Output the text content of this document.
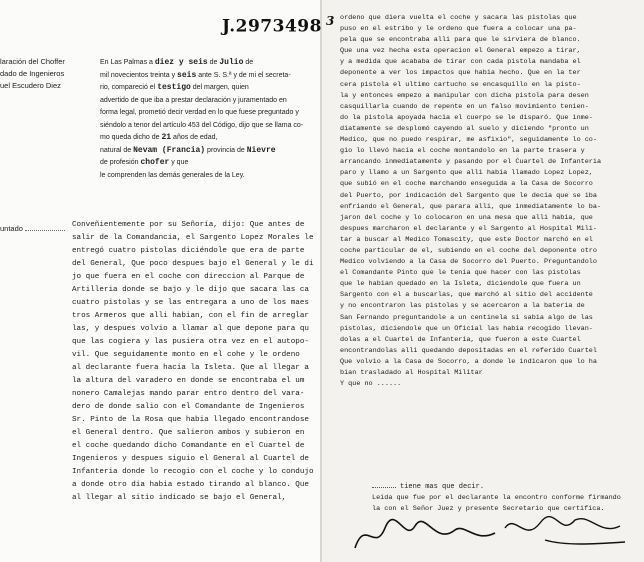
laración del Choffer
dado de Ingenieros
uel Escudero Diez
En Las Palmas a diez y seis de Julio de
mil novecientos treinta y seis ante S. S.ª y de mi el secreta-
rio, compareció el testigo del margen, quien
advertido de que iba a prestar declaración y juramentado en
forma legal, prometió decir verdad en lo que fuese preguntado y
siéndolo a tenor del artículo 453 del Código, dijo que se llama co-
mo queda dicho de 21 años de edad,
natural de Nevam (Francia) provincia de Nievre
de profesión chofer y que
le comprenden las demás generales de la Ley.
untado	Conveñientemente por su Señoría, dijo: Que antes de
salir de la Comandancia, el Sargento Lopez Morales le
entregó cuatro pistolas diciéndole que era de parte
del General, Que poco despues bajo el General y le di
jo que fuera en el coche con direccion al Parque de
Artilleria donde se bajo y le dijo que sacara las ca
cuatro pistolas y se las entregara a uno de los maes
tros Armeros que alli habian, con el fin de arreglar
las, y despues volvio a llamar al que depone para qu
que las cogiera y las pusiera otra vez en el autopo-
vil. Que seguidamente monto en el cohe y le ordeno
al declarante fuera hacia la Isleta. Que al llegar a
la altura del varadero en donde se encontraba el um
nonero Camalejas mando parar entro dentro del vara-
dero de donde salio con el Comandante de Ingenieros
Sr. Pinto de la Rosa que habia llegado encontrandose
el General dentro. Que salieron ambos y subieron en
el coche quedando dicho Comandante en el Cuartel de
Ingenieros y despues siguio el General al Cuartel de
Infanteria donde lo recogio con el coche y lo condujo
a donde otro dia habia estado tirando al blanco. Que
al llegar al sitio indicado se bajo el General,
J.2973498 $^3$ ordeno que diera vuelta el coche y sacara las pistolas que
puso en el estribo y le ordeno que fuera a colocar una pa-
pela que se encontraba alli para que le sirviera de blanco.
Que una vez hecha esta operacion el General empezo a tirar,
y a medida que acababa de tirar con cada pistola mandaba el
deponente a ver los impactos que habia hecho. Que en la ter
cera pistola el ultimo cartucho se encasquillo en la pisto-
la y entonces empezo a manipular con dicha pistola para desen
casquillarla cuando de repente en un falso movimiento tenien-
do la pistola apoyada hacia el cuerpo se le disparó. Que inme-
diatamente se desplomó cayendo al suelo y diciendo "pronto un
Medico, que no puedo respirar, me asfixio", seguidamente lo co-
gio lo llevó hacia el coche montandolo en la parte trasera y
arrancando inmediatamente y pasando por el Cuartel de Infanteria
paro y llamo a un Sargento que alli habia llamado Lopez Lopez,
que subió en el coche marchando enseguida a la Casa de Socorro
del Puerto, por indicación del Sargento que le decia que se iba
enfriando el General, que parara alli, que inmediatamente lo ba-
jaron del coche y lo colocaron en una mesa que alli habia, que
despues marcharon el declarante y el Sargento al Hospital Mili-
tar a buscar al Medico Tomascity, que este Doctor marchó en el
coche particular de el, subiendo en el coche del deponente otro
Medico volviendo a la Casa de Socorro del Puerto. Preguntandolo
el Comandante Pinto que le tenia que hacer con las pistolas
que le habian quedado en la Isleta, diciendole que fuera un
Sargento con el a buscarlas, que marchó al sitio del accidente
y no encontraron las pistolas y se acercaron a la bateria de
San Fernando preguntandole a un centinela si sabia algo de las
pistolas, diciendole que un Oficial las habia recogido llevan-
dolas a el Cuartel de Infanteria, que fueron a este Cuartel
encontrandolas alli quedando depositadas en el referido Cuartel
Que volvio a la Casa de Socorro, a donde le indicaron que lo ha
bian trasladado al Hospital Militar
Y que no ......
tiene mas que decir.
Leida que fue por el declarante la encontro conforme firmando
la con el Señor Juez y presente Secretario que certifica.
